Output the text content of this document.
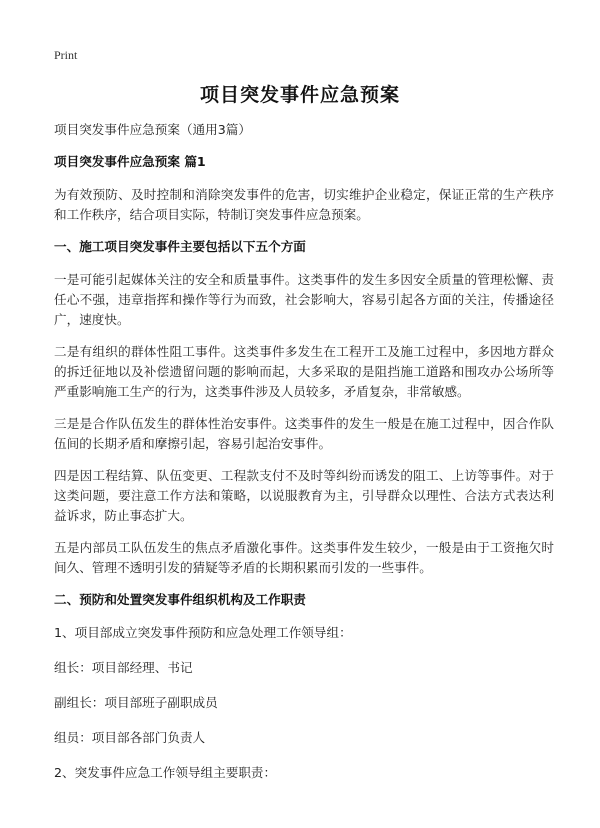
Print
项目突发事件应急预案

项目突发事件应急预案（通用3篇）

项目突发事件应急预案 篇1

为有效预防、及时控制和消除突发事件的危害，切实维护企业稳定，保证正常的生产秩序和工作秩序，结合项目实际，特制订突发事件应急预案。

一、施工项目突发事件主要包括以下五个方面

一是可能引起媒体关注的安全和质量事件。这类事件的发生多因安全质量的管理松懈、责任心不强，违章指挥和操作等行为而致，社会影响大，容易引起各方面的关注，传播途径广，速度快。

二是有组织的群体性阻工事件。这类事件多发生在工程开工及施工过程中，多因地方群众的拆迁征地以及补偿遗留问题的影响而起，大多采取的是阻挡施工道路和围攻办公场所等严重影响施工生产的行为，这类事件涉及人员较多，矛盾复杂，非常敏感。

三是是合作队伍发生的群体性治安事件。这类事件的发生一般是在施工过程中，因合作队伍间的长期矛盾和摩擦引起，容易引起治安事件。

四是因工程结算、队伍变更、工程款支付不及时等纠纷而诱发的阻工、上访等事件。对于这类问题，要注意工作方法和策略，以说服教育为主，引导群众以理性、合法方式表达利益诉求，防止事态扩大。

五是内部员工队伍发生的焦点矛盾激化事件。这类事件发生较少，一般是由于工资拖欠时间久、管理不透明引发的猜疑等矛盾的长期积累而引发的一些事件。

二、预防和处置突发事件组织机构及工作职责

1、项目部成立突发事件预防和应急处理工作领导组：

组长：项目部经理、书记

副组长：项目部班子副职成员

组员：项目部各部门负责人

2、突发事件应急工作领导组主要职责：
